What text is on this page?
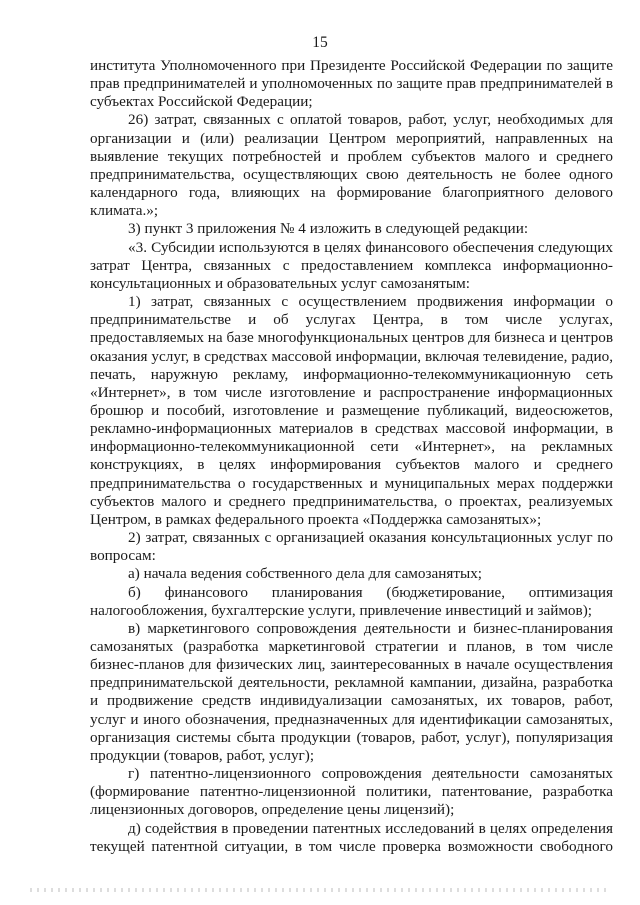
15

института Уполномоченного при Президенте Российской Федерации по защите прав предпринимателей и уполномоченных по защите прав предпринимателей в субъектах Российской Федерации;

26) затрат, связанных с оплатой товаров, работ, услуг, необходимых для организации и (или) реализации Центром мероприятий, направленных на выявление текущих потребностей и проблем субъектов малого и среднего предпринимательства, осуществляющих свою деятельность не более одного календарного года, влияющих на формирование благоприятного делового климата.»;

3) пункт 3 приложения № 4 изложить в следующей редакции:

«3. Субсидии используются в целях финансового обеспечения следующих затрат Центра, связанных с предоставлением комплекса информационно-консультационных и образовательных услуг самозанятым:

1) затрат, связанных с осуществлением продвижения информации о предпринимательстве и об услугах Центра, в том числе услугах, предоставляемых на базе многофункциональных центров для бизнеса и центров оказания услуг, в средствах массовой информации, включая телевидение, радио, печать, наружную рекламу, информационно-телекоммуникационную сеть «Интернет», в том числе изготовление и распространение информационных брошюр и пособий, изготовление и размещение публикаций, видеосюжетов, рекламно-информационных материалов в средствах массовой информации, в информационно-телекоммуникационной сети «Интернет», на рекламных конструкциях, в целях информирования субъектов малого и среднего предпринимательства о государственных и муниципальных мерах поддержки субъектов малого и среднего предпринимательства, о проектах, реализуемых Центром, в рамках федерального проекта «Поддержка самозанятых»;

2) затрат, связанных с организацией оказания консультационных услуг по вопросам:

а) начала ведения собственного дела для самозанятых;

б) финансового планирования (бюджетирование, оптимизация налогообложения, бухгалтерские услуги, привлечение инвестиций и займов);

в) маркетингового сопровождения деятельности и бизнес-планирования самозанятых (разработка маркетинговой стратегии и планов, в том числе бизнес-планов для физических лиц, заинтересованных в начале осуществления предпринимательской деятельности, рекламной кампании, дизайна, разработка и продвижение средств индивидуализации самозанятых, их товаров, работ, услуг и иного обозначения, предназначенных для идентификации самозанятых, организация системы сбыта продукции (товаров, работ, услуг), популяризация продукции (товаров, работ, услуг);

г) патентно-лицензионного сопровождения деятельности самозанятых (формирование патентно-лицензионной политики, патентование, разработка лицензионных договоров, определение цены лицензий);

д) содействия в проведении патентных исследований в целях определения текущей патентной ситуации, в том числе проверка возможности свободного
